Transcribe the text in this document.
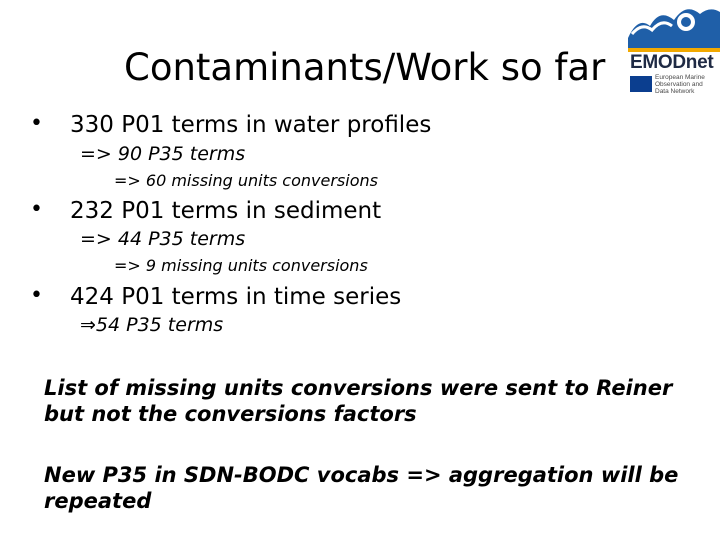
Contaminants/Work so far EMODnet
European Marine
Observation and
Data Network
• 330 P01 terms in water profiles
=> 90 P35 terms
=> 60 missing units conversions
• 232 P01 terms in sediment
=> 44 P35 terms
=> 9 missing units conversions
• 424 P01 terms in time series
⇒54 P35 terms
List of missing units conversions were sent to Reiner but not the conversions factors
New P35 in SDN-BODC vocabs => aggregation will be repeated
